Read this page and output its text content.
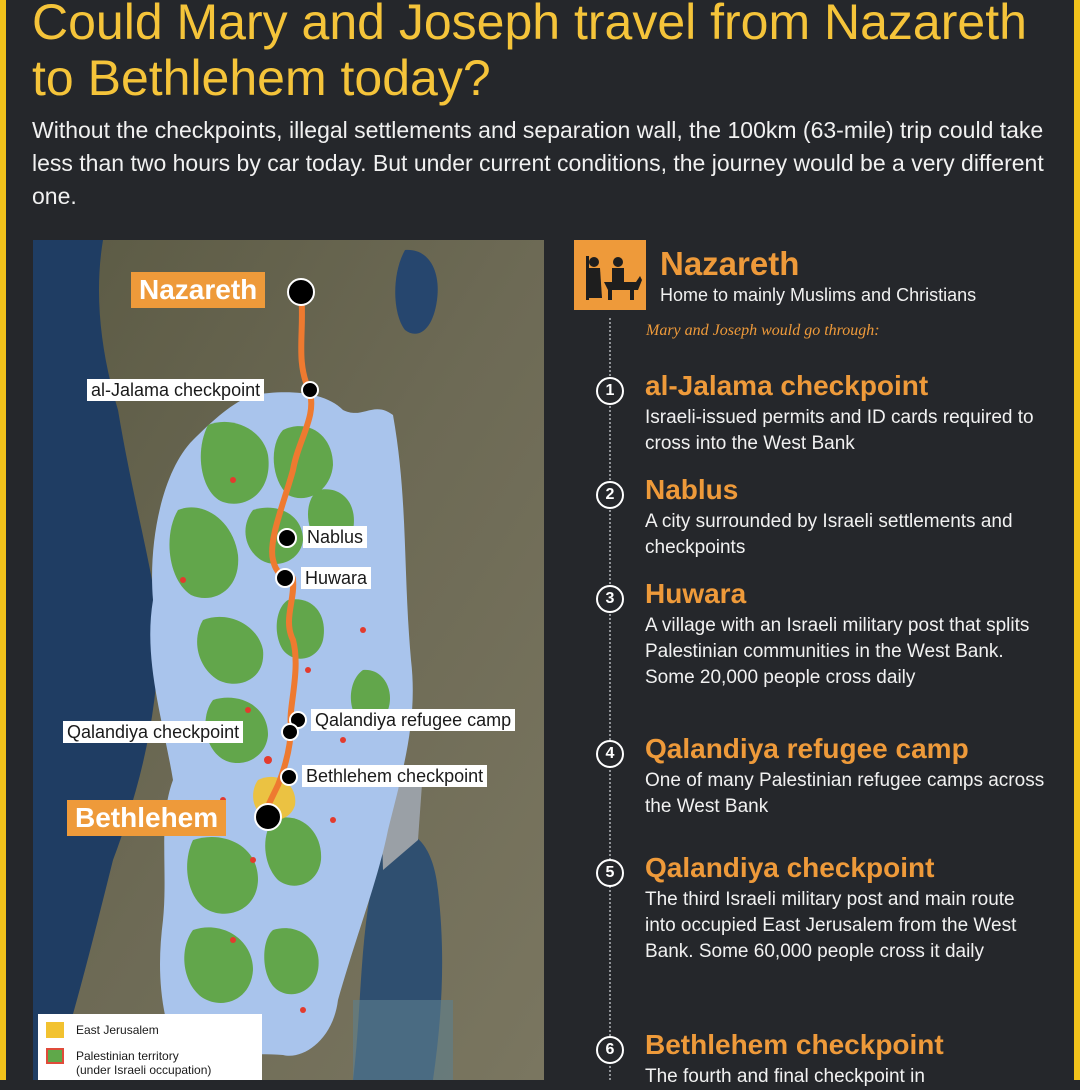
Could Mary and Joseph travel from Nazareth to Bethlehem today?

Without the checkpoints, illegal settlements and separation wall, the 100km (63-mile) trip could take less than two hours by car today. But under current conditions, the journey would be a very different one.

Nazareth
al-Jalama checkpoint
Nablus
Huwara
Qalandiya refugee camp
Qalandiya checkpoint
Bethlehem checkpoint
Bethlehem
East Jerusalem
Palestinian territory
(under Israeli occupation)
Nazareth
Home to mainly Muslims and Christians
Mary and Joseph would go through:
1	al-Jalama checkpoint
Israeli-issued permits and ID cards required to cross into the West Bank
2	Nablus
A city surrounded by Israeli settlements and checkpoints
3	Huwara
A village with an Israeli military post that splits Palestinian communities in the West Bank. Some 20,000 people cross daily
4	Qalandiya refugee camp
One of many Palestinian refugee camps across the West Bank
5	Qalandiya checkpoint
The third Israeli military post and main route into occupied East Jerusalem from the West Bank. Some 60,000 people cross it daily
6	Bethlehem checkpoint
The fourth and final checkpoint in
